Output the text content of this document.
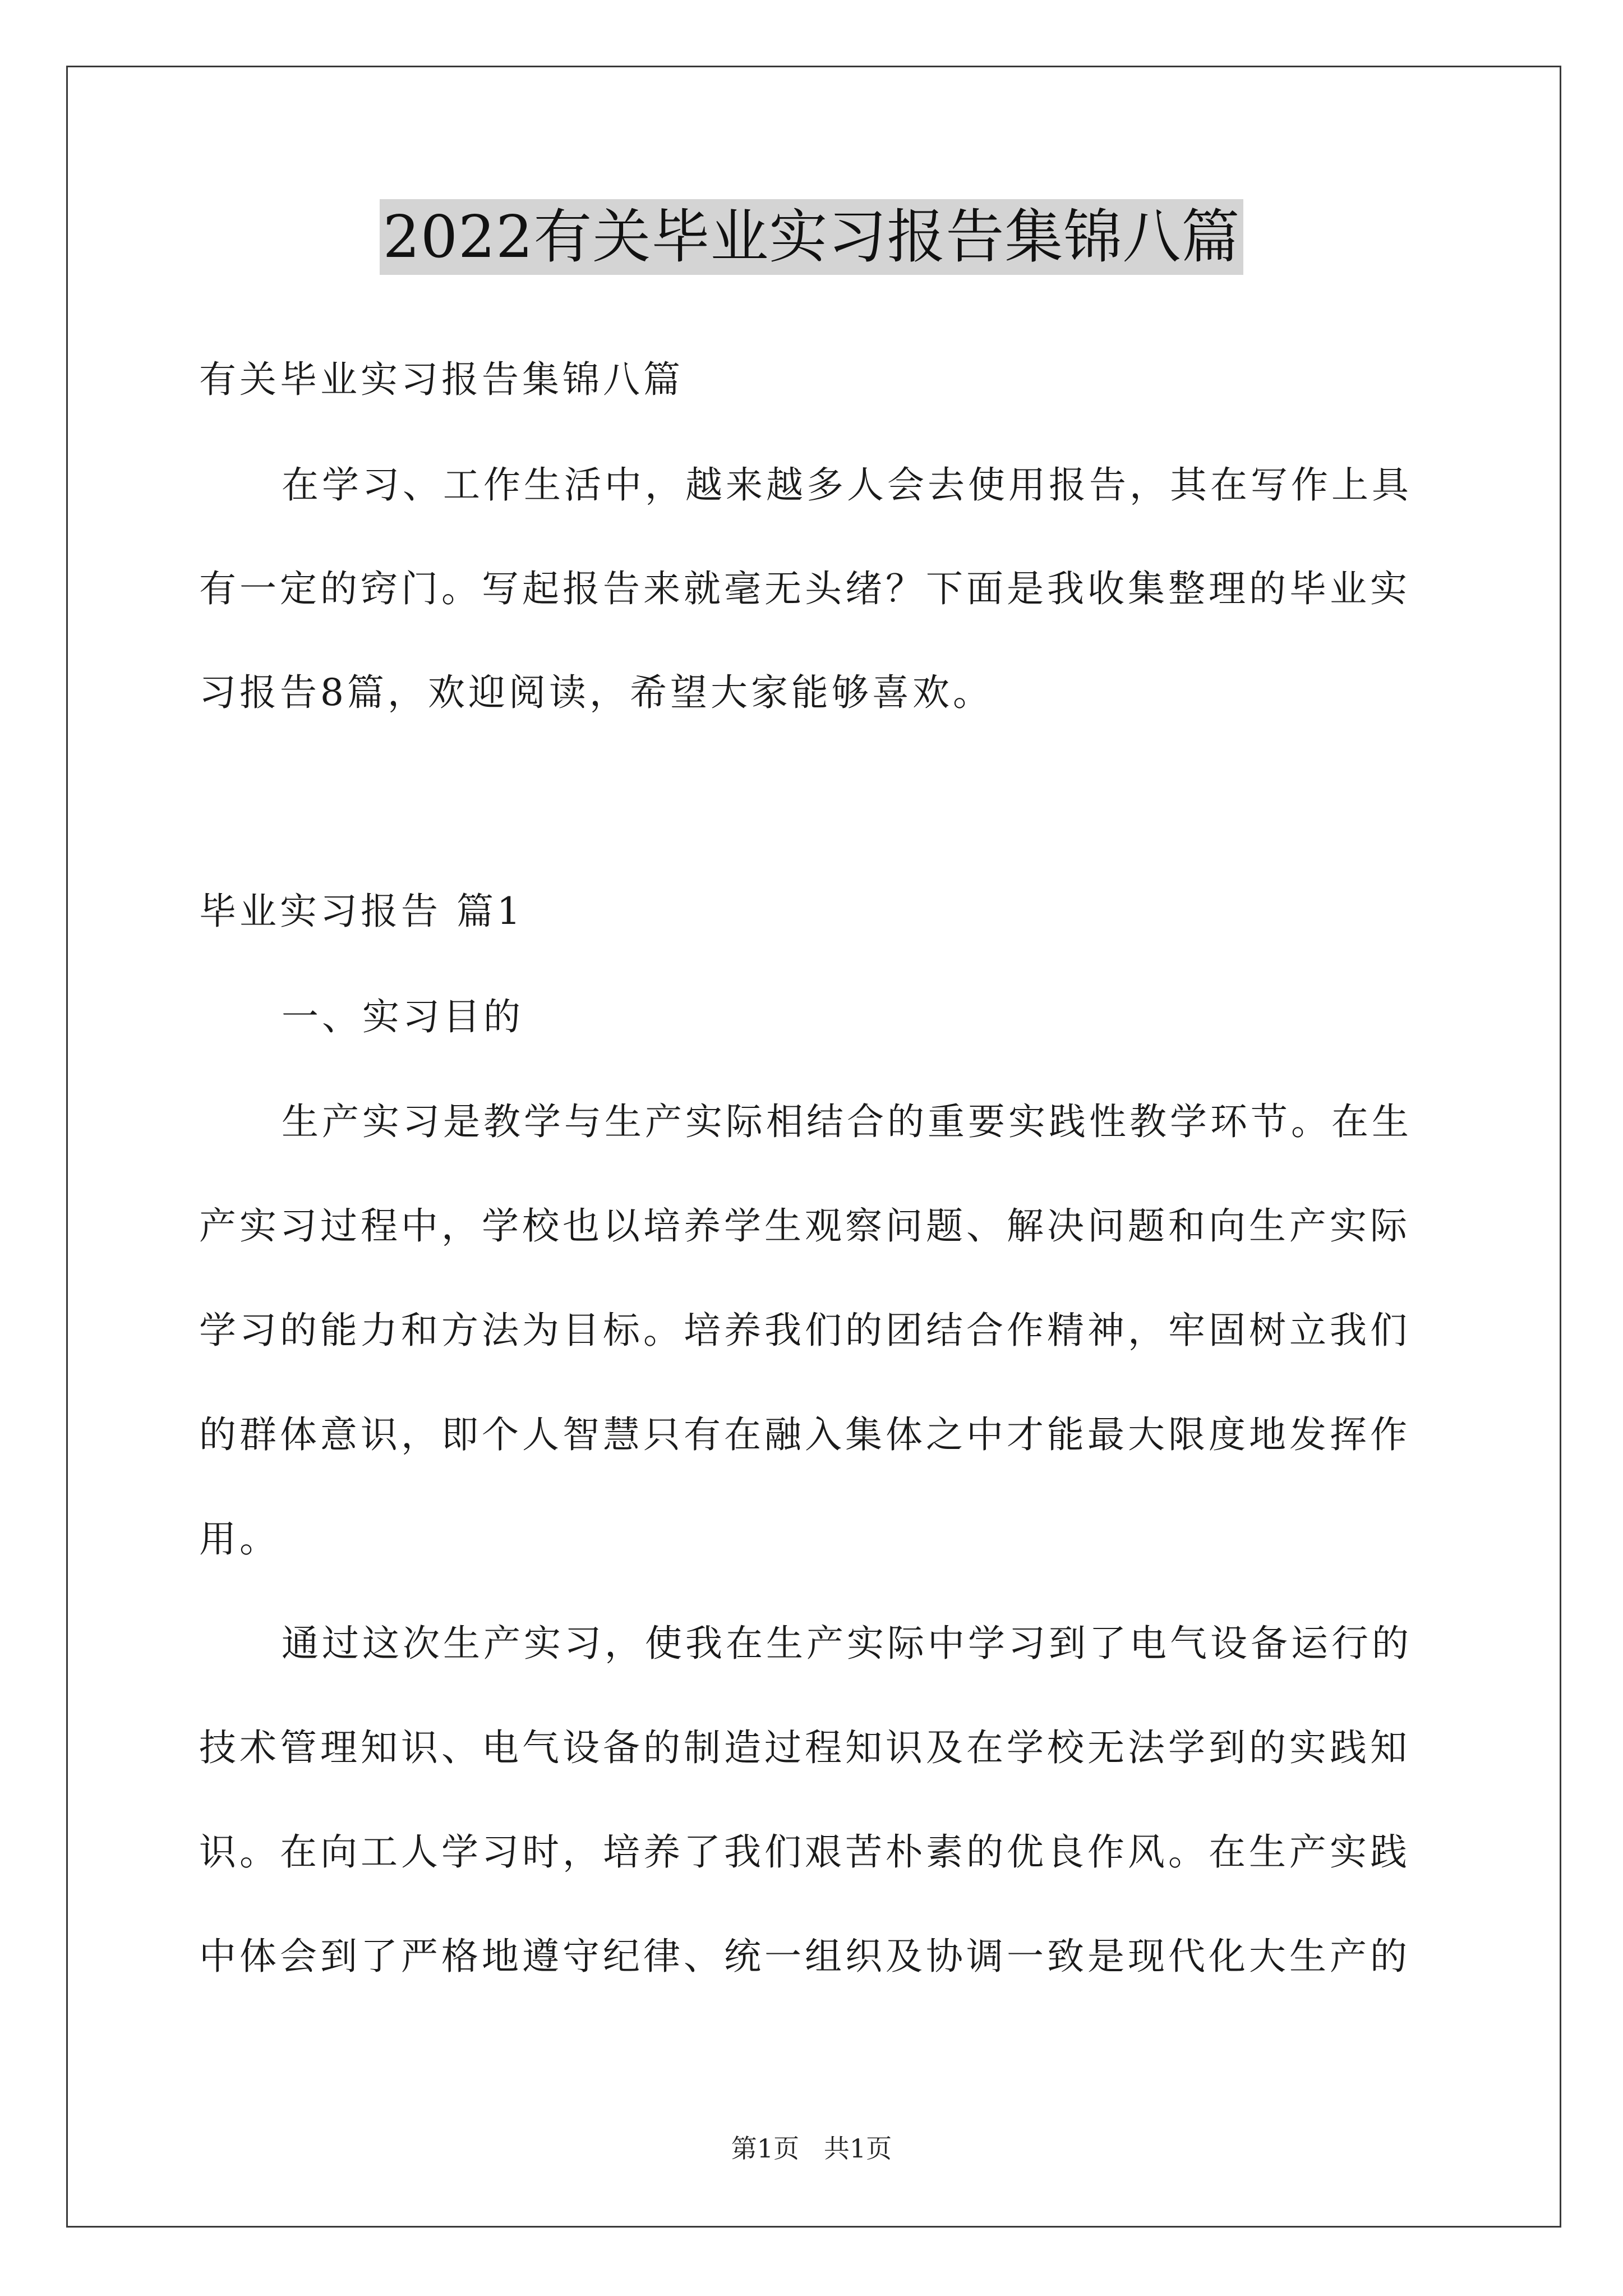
2022有关毕业实习报告集锦八篇
有关毕业实习报告集锦八篇
在学习、工作生活中，越来越多人会去使用报告，其在写作上具
有一定的窍门。写起报告来就毫无头绪？下面是我收集整理的毕业实
习报告8篇，欢迎阅读，希望大家能够喜欢。
毕业实习报告 篇1
一、实习目的
生产实习是教学与生产实际相结合的重要实践性教学环节。在生
产实习过程中，学校也以培养学生观察问题、解决问题和向生产实际
学习的能力和方法为目标。培养我们的团结合作精神，牢固树立我们
的群体意识，即个人智慧只有在融入集体之中才能最大限度地发挥作
用。
通过这次生产实习，使我在生产实际中学习到了电气设备运行的
技术管理知识、电气设备的制造过程知识及在学校无法学到的实践知
识。在向工人学习时，培养了我们艰苦朴素的优良作风。在生产实践
中体会到了严格地遵守纪律、统一组织及协调一致是现代化大生产的
第1页   共1页
